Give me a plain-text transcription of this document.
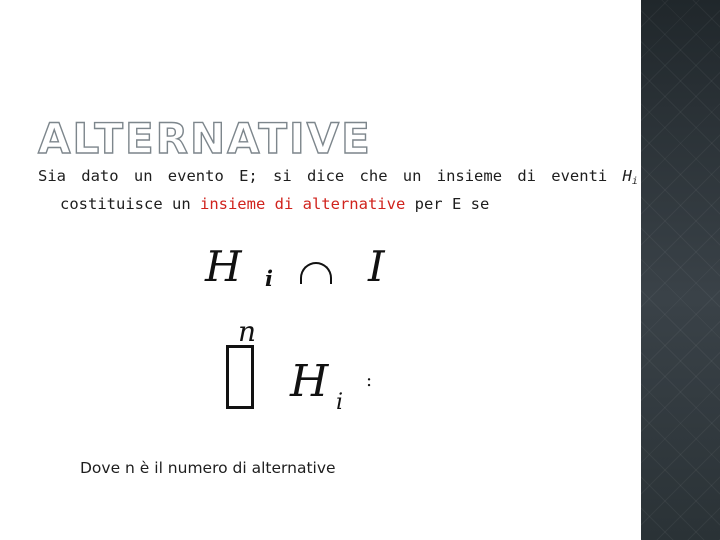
ALTERNATIVE
Sia dato un evento E; si dice che un insieme di eventi $H_i$
costituisce un insieme di alternative per E se
H i I
n
H i
:
Dove n è il numero di alternative
